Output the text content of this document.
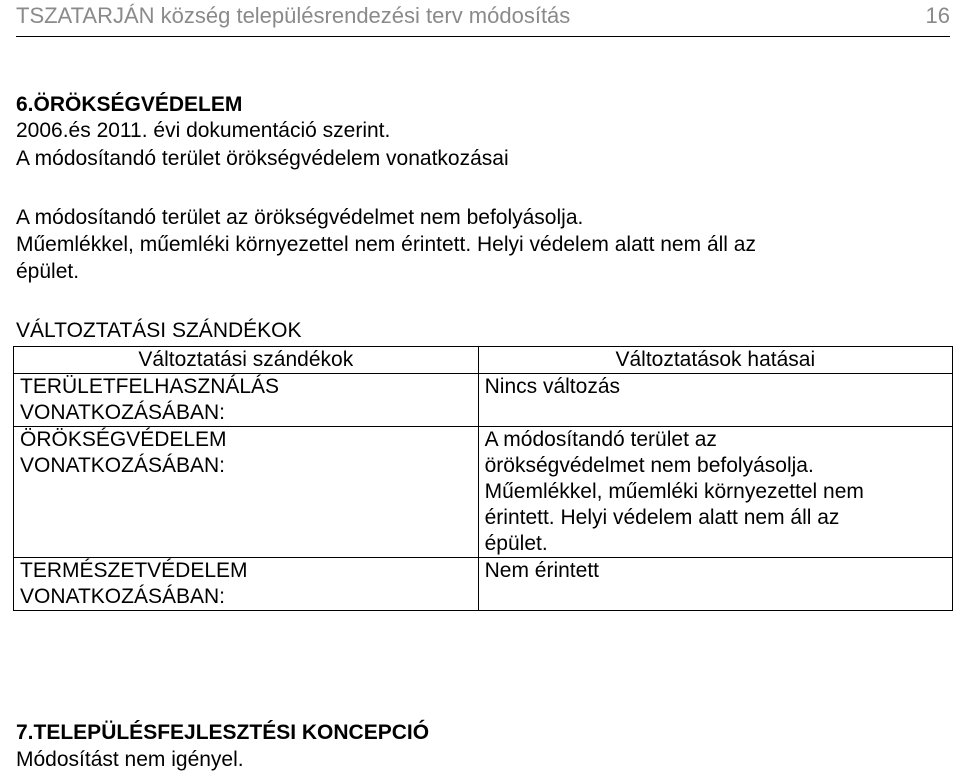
TSZATARJÁN község településrendezési terv módosítás	16
6.ÖRÖKSÉGVÉDELEM
2006.és 2011. évi dokumentáció szerint.
A módosítandó terület örökségvédelem vonatkozásai
A módosítandó terület az örökségvédelmet nem befolyásolja.
Műemlékkel, műemléki környezettel nem érintett. Helyi védelem alatt nem áll az
épület.
VÁLTOZTATÁSI SZÁNDÉKOK
Változtatási szándékok	Változtatások hatásai

TERÜLETFELHASZNÁLÁS
VONATKOZÁSÁBAN:	Nincs változás

ÖRÖKSÉGVÉDELEM
VONATKOZÁSÁBAN:	A módosítandó terület az
örökségvédelmet nem befolyásolja.
Műemlékkel, műemléki környezettel nem
érintett. Helyi védelem alatt nem áll az
épület.

TERMÉSZETVÉDELEM
VONATKOZÁSÁBAN:	Nem érintett
7.TELEPÜLÉSFEJLESZTÉSI KONCEPCIÓ
Módosítást nem igényel.
